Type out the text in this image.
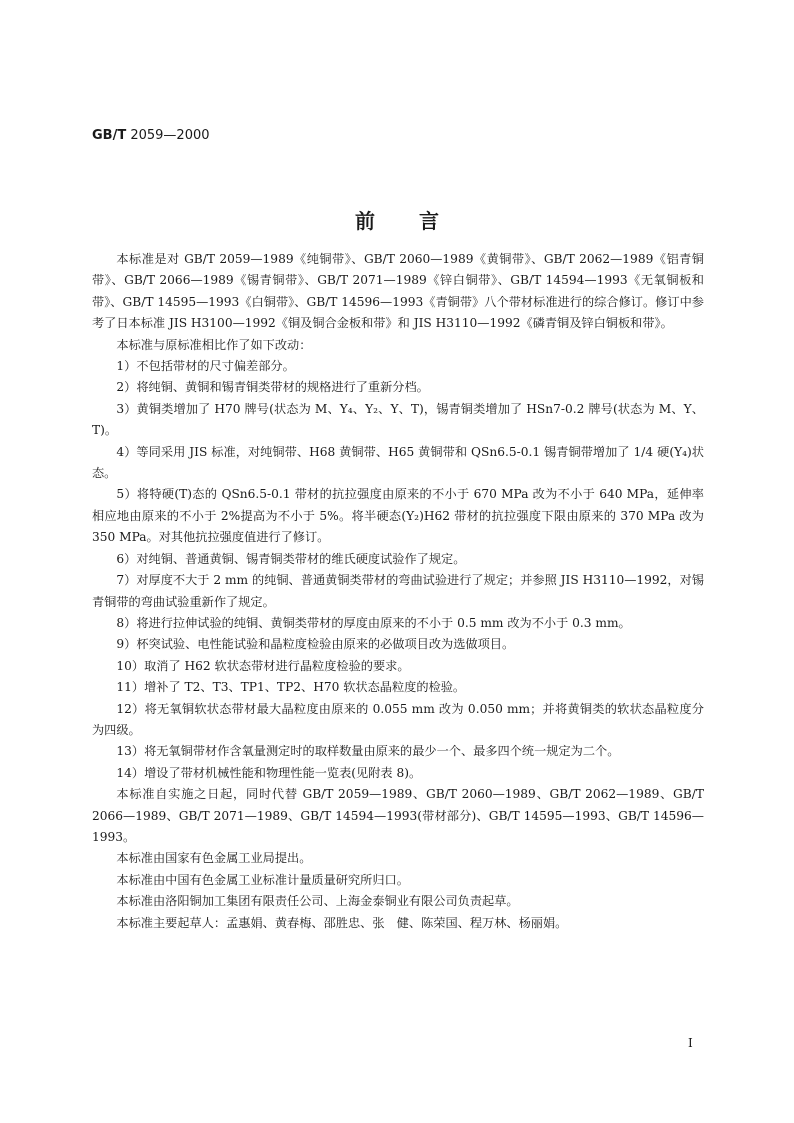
GB/T 2059—2000
前言

本标准是对 GB/T 2059—1989《纯铜带》、GB/T 2060—1989《黄铜带》、GB/T 2062—1989《铝青铜带》、GB/T 2066—1989《锡青铜带》、GB/T 2071—1989《锌白铜带》、GB/T 14594—1993《无氧铜板和带》、GB/T 14595—1993《白铜带》、GB/T 14596—1993《青铜带》八个带材标准进行的综合修订。修订中参考了日本标准 JIS H3100—1992《铜及铜合金板和带》和 JIS H3110—1992《磷青铜及锌白铜板和带》。

本标准与原标准相比作了如下改动：

1）不包括带材的尺寸偏差部分。

2）将纯铜、黄铜和锡青铜类带材的规格进行了重新分档。

3）黄铜类增加了 H70 牌号(状态为 M、Y₄、Y₂、Y、T)，锡青铜类增加了 HSn7-0.2 牌号(状态为 M、Y、T)。

4）等同采用 JIS 标准，对纯铜带、H68 黄铜带、H65 黄铜带和 QSn6.5-0.1 锡青铜带增加了 1/4 硬(Y₄)状态。

5）将特硬(T)态的 QSn6.5-0.1 带材的抗拉强度由原来的不小于 670 MPa 改为不小于 640 MPa，延伸率相应地由原来的不小于 2%提高为不小于 5%。将半硬态(Y₂)H62 带材的抗拉强度下限由原来的 370 MPa 改为 350 MPa。对其他抗拉强度值进行了修订。

6）对纯铜、普通黄铜、锡青铜类带材的维氏硬度试验作了规定。

7）对厚度不大于 2 mm 的纯铜、普通黄铜类带材的弯曲试验进行了规定；并参照 JIS H3110—1992，对锡青铜带的弯曲试验重新作了规定。

8）将进行拉伸试验的纯铜、黄铜类带材的厚度由原来的不小于 0.5 mm 改为不小于 0.3 mm。

9）杯突试验、电性能试验和晶粒度检验由原来的必做项目改为选做项目。

10）取消了 H62 软状态带材进行晶粒度检验的要求。

11）增补了 T2、T3、TP1、TP2、H70 软状态晶粒度的检验。

12）将无氧铜软状态带材最大晶粒度由原来的 0.055 mm 改为 0.050 mm；并将黄铜类的软状态晶粒度分为四级。

13）将无氧铜带材作含氧量测定时的取样数量由原来的最少一个、最多四个统一规定为二个。

14）增设了带材机械性能和物理性能一览表(见附表 8)。

本标准自实施之日起，同时代替 GB/T 2059—1989、GB/T 2060—1989、GB/T 2062—1989、GB/T 2066—1989、GB/T 2071—1989、GB/T 14594—1993(带材部分)、GB/T 14595—1993、GB/T 14596—1993。

本标准由国家有色金属工业局提出。

本标准由中国有色金属工业标准计量质量研究所归口。

本标准由洛阳铜加工集团有限责任公司、上海金泰铜业有限公司负责起草。

本标准主要起草人：孟惠娟、黄春梅、邵胜忠、张　健、陈荣国、程万林、杨丽娟。

I
